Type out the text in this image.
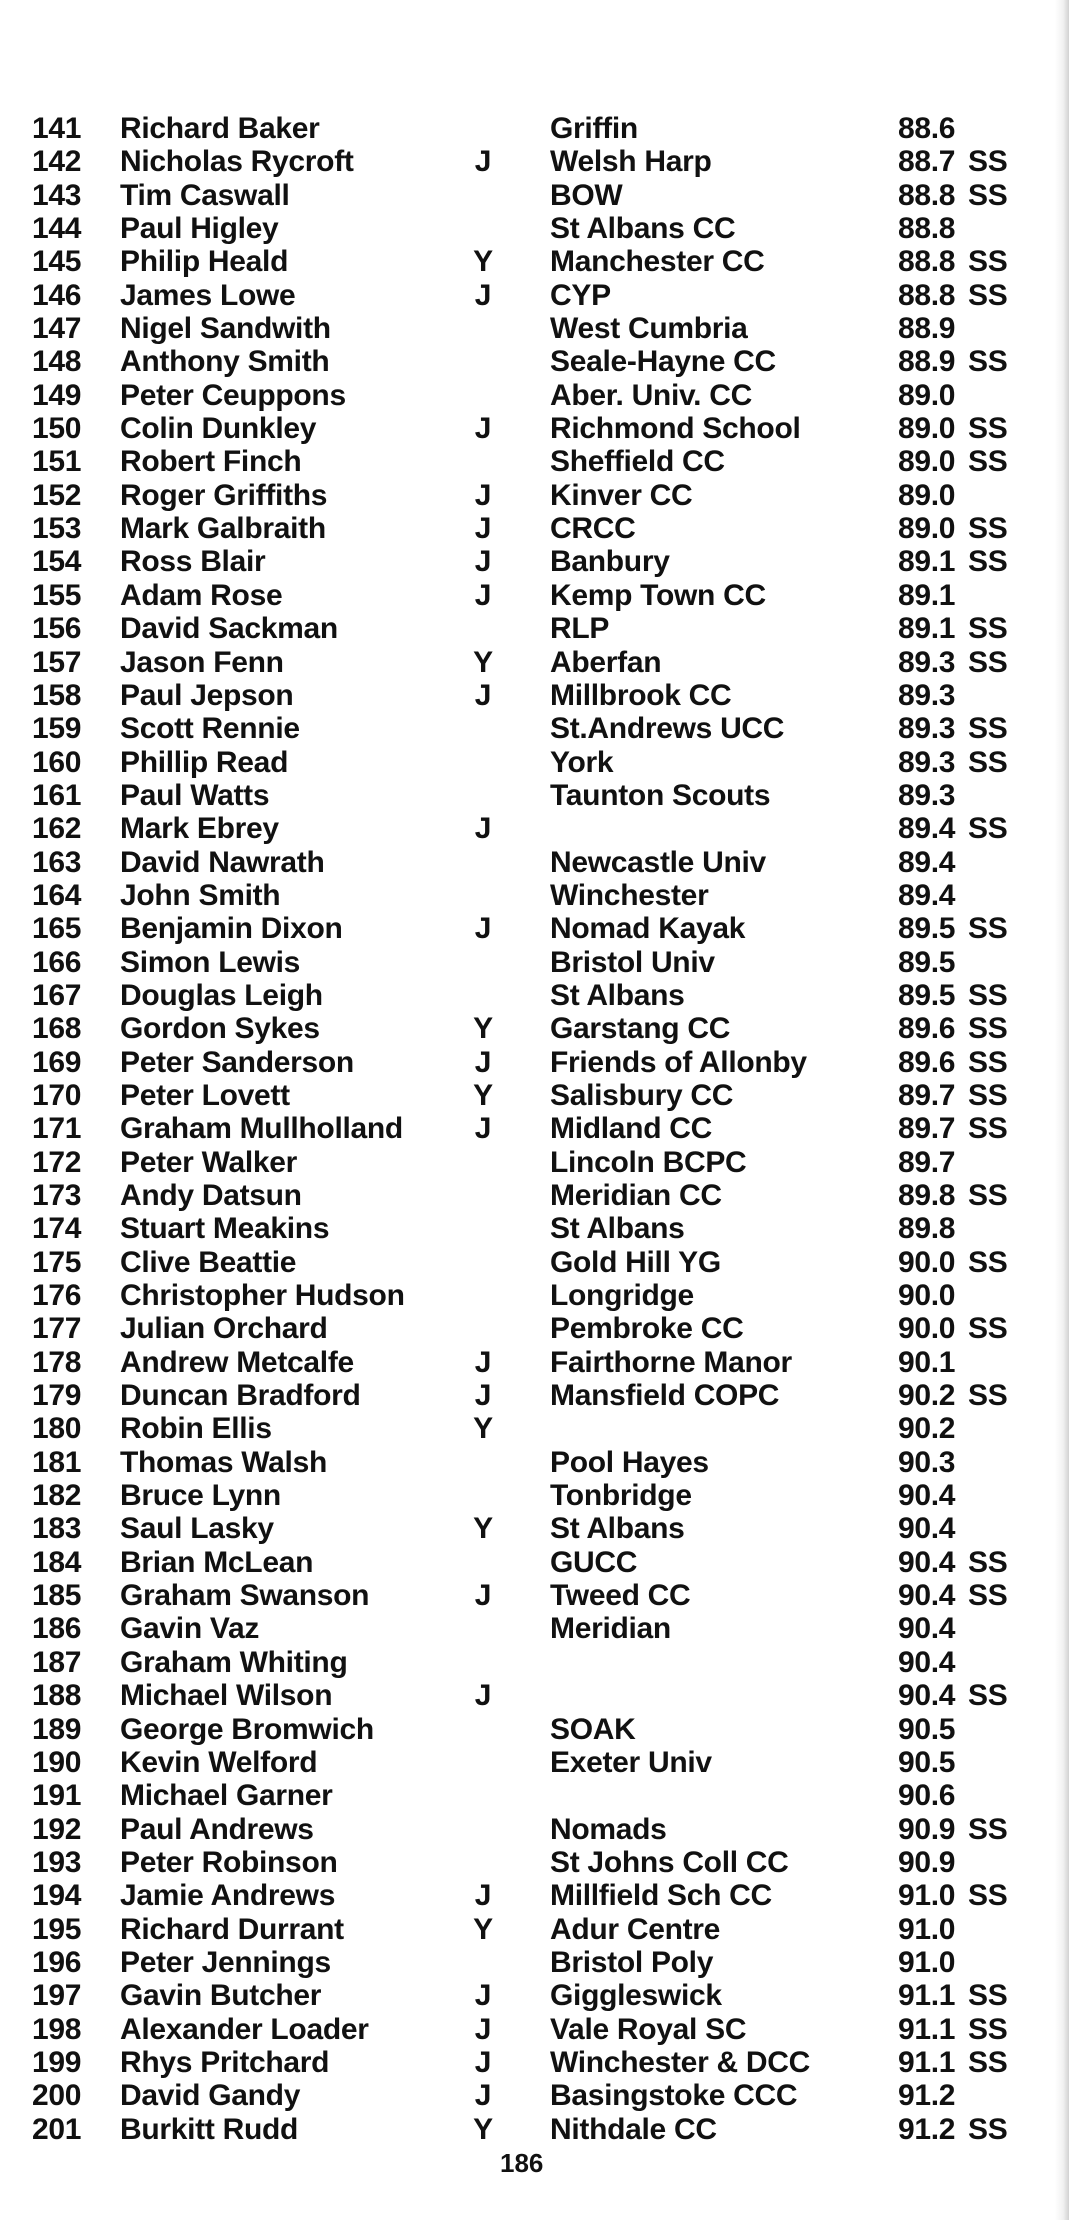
141	Richard Baker	Griffin	88.6
142	Nicholas Rycroft	J Welsh Harp	88.7 SS
143	Tim Caswall	BOW	88.8 SS
144	Paul Higley	St Albans CC	88.8
145	Philip Heald	Y Manchester CC	88.8 SS
146	James Lowe	J CYP	88.8 SS
147	Nigel Sandwith	West Cumbria	88.9
148	Anthony Smith	Seale-Hayne CC	88.9 SS
149	Peter Ceuppons	Aber. Univ. CC	89.0
150	Colin Dunkley	J Richmond School	89.0 SS
151	Robert Finch	Sheffield CC	89.0 SS
152	Roger Griffiths	J Kinver CC	89.0
153	Mark Galbraith	J CRCC	89.0 SS
154	Ross Blair	J Banbury	89.1 SS
155	Adam Rose	J Kemp Town CC	89.1
156	David Sackman	RLP	89.1 SS
157	Jason Fenn	Y Aberfan	89.3 SS
158	Paul Jepson	J Millbrook CC	89.3
159	Scott Rennie	St.Andrews UCC	89.3 SS
160	Phillip Read	York	89.3 SS
161	Paul Watts	Taunton Scouts	89.3
162	Mark Ebrey	J	89.4 SS
163	David Nawrath	Newcastle Univ	89.4
164	John Smith	Winchester	89.4
165	Benjamin Dixon	J Nomad Kayak	89.5 SS
166	Simon Lewis	Bristol Univ	89.5
167	Douglas Leigh	St Albans	89.5 SS
168	Gordon Sykes	Y Garstang CC	89.6 SS
169	Peter Sanderson	J Friends of Allonby	89.6 SS
170	Peter Lovett	Y Salisbury CC	89.7 SS
171	Graham Mullholland J Midland CC	89.7 SS
172	Peter Walker	Lincoln BCPC	89.7
173	Andy Datsun	Meridian CC	89.8 SS
174	Stuart Meakins	St Albans	89.8
175	Clive Beattie	Gold Hill YG	90.0 SS
176	Christopher Hudson	Longridge	90.0
177	Julian Orchard	Pembroke CC	90.0 SS
178	Andrew Metcalfe	J Fairthorne Manor	90.1
179	Duncan Bradford	J Mansfield COPC	90.2 SS
180	Robin Ellis	Y	90.2
181	Thomas Walsh	Pool Hayes	90.3
182	Bruce Lynn	Tonbridge	90.4
183	Saul Lasky	Y St Albans	90.4
184	Brian McLean	GUCC	90.4 SS
185	Graham Swanson	J Tweed CC	90.4 SS
186	Gavin Vaz	Meridian	90.4
187	Graham Whiting	90.4
188	Michael Wilson	J	90.4 SS
189	George Bromwich	SOAK	90.5
190	Kevin Welford	Exeter Univ	90.5
191	Michael Garner	90.6
192	Paul Andrews	Nomads	90.9 SS
193	Peter Robinson	St Johns Coll CC	90.9
194	Jamie Andrews	J Millfield Sch CC	91.0 SS
195	Richard Durrant	Y Adur Centre	91.0
196	Peter Jennings	Bristol Poly	91.0
197	Gavin Butcher	J Giggleswick	91.1 SS
198	Alexander Loader	J Vale Royal SC	91.1 SS
199	Rhys Pritchard	J Winchester & DCC	91.1 SS
200	David Gandy	J Basingstoke CCC	91.2
201	Burkitt Rudd	Y Nithdale CC	91.2 SS
186
